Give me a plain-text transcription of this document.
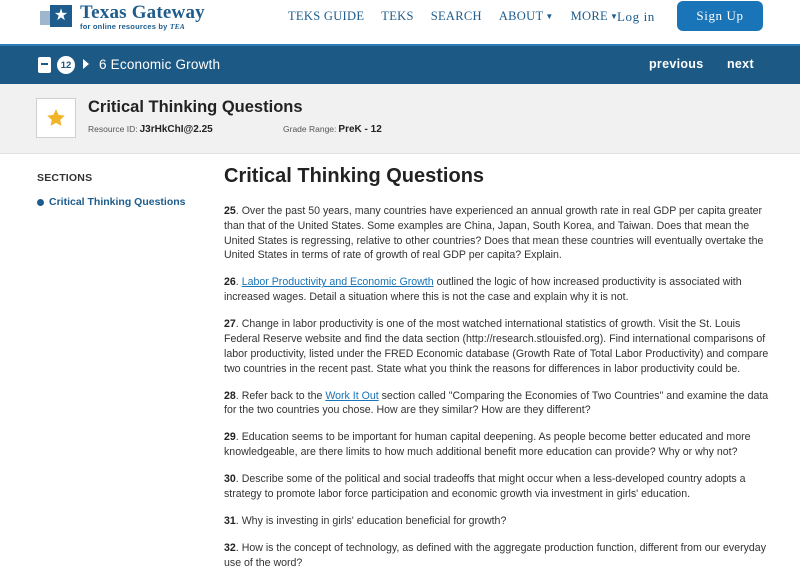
★ Texas Gateway
for online resources by TEA
TEKS GUIDE TEKS SEARCH ABOUT ▼ MORE ▼
Log in	Sign Up
12 6 Economic Growth	previous next
Critical Thinking Questions
Resource ID: J3rHkChI@2.25	Grade Range: PreK - 12
SECTIONS
Critical Thinking Questions
Critical Thinking Questions

25. Over the past 50 years, many countries have experienced an annual growth rate in real GDP per capita greater than that of the United States. Some examples are China, Japan, South Korea, and Taiwan. Does that mean the United States is regressing, relative to other countries? Does that mean these countries will eventually overtake the United States in terms of rate of growth of real GDP per capita? Explain.

26. Labor Productivity and Economic Growth outlined the logic of how increased productivity is associated with increased wages. Detail a situation where this is not the case and explain why it is not.

27. Change in labor productivity is one of the most watched international statistics of growth. Visit the St. Louis Federal Reserve website and find the data section (http://research.stlouisfed.org). Find international comparisons of labor productivity, listed under the FRED Economic database (Growth Rate of Total Labor Productivity) and compare two countries in the recent past. State what you think the reasons for differences in labor productivity could be.

28. Refer back to the Work It Out section called "Comparing the Economies of Two Countries" and examine the data for the two countries you chose. How are they similar? How are they different?

29. Education seems to be important for human capital deepening. As people become better educated and more knowledgeable, are there limits to how much additional benefit more education can provide? Why or why not?

30. Describe some of the political and social tradeoffs that might occur when a less-developed country adopts a strategy to promote labor force participation and economic growth via investment in girls' education.

31. Why is investing in girls' education beneficial for growth?

32. How is the concept of technology, as defined with the aggregate production function, different from our everyday use of the word?
